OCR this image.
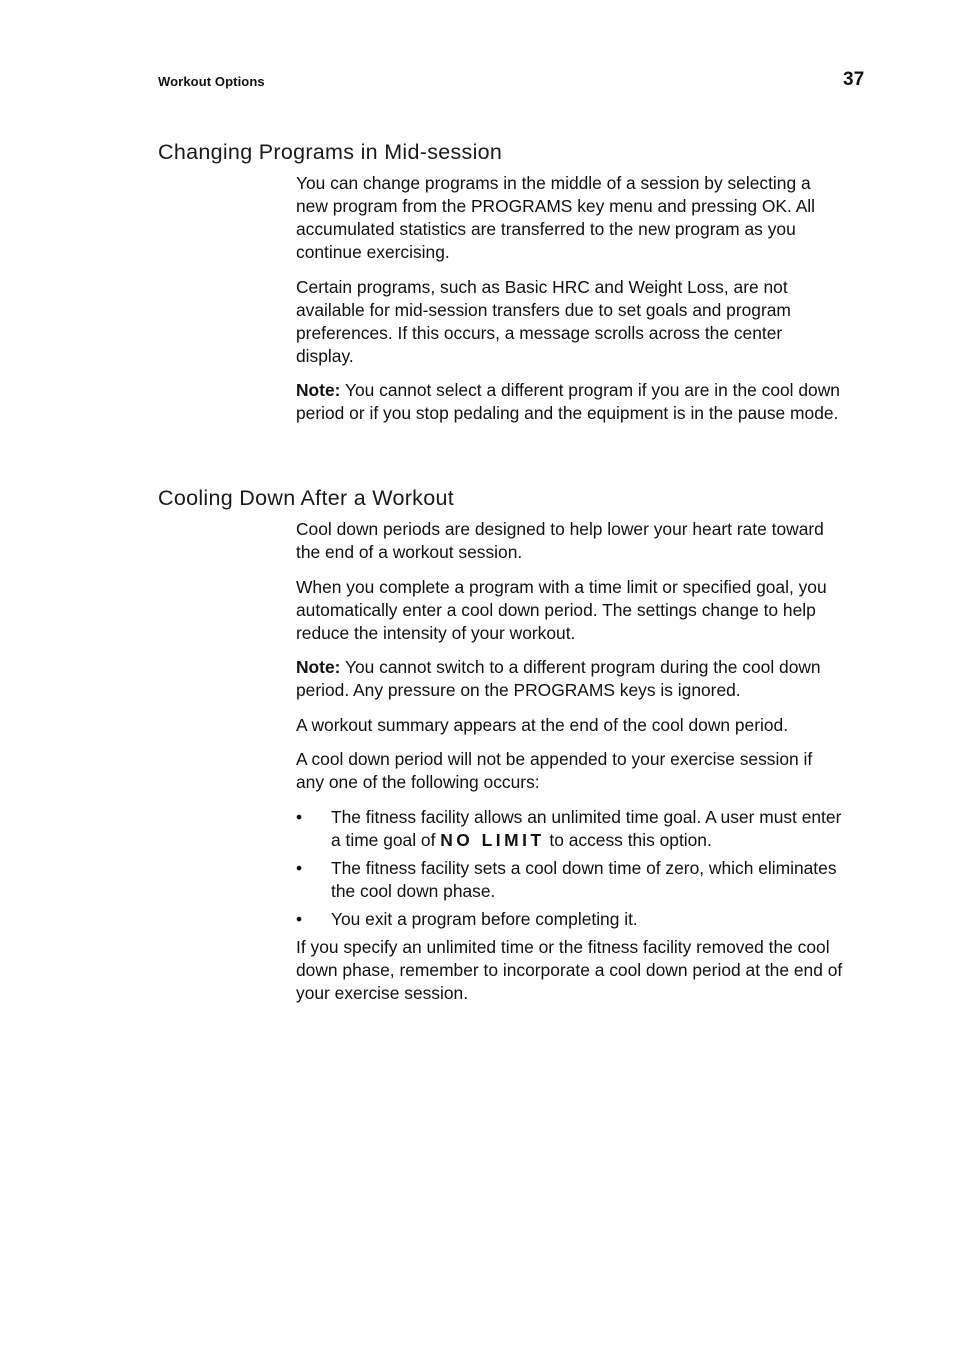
Workout Options	37
Changing Programs in Mid-session

You can change programs in the middle of a session by selecting a new program from the PROGRAMS key menu and pressing OK. All accumulated statistics are transferred to the new program as you continue exercising.

Certain programs, such as Basic HRC and Weight Loss, are not available for mid-session transfers due to set goals and program preferences. If this occurs, a message scrolls across the center display.

Note: You cannot select a different program if you are in the cool down period or if you stop pedaling and the equipment is in the pause mode.

Cooling Down After a Workout

Cool down periods are designed to help lower your heart rate toward the end of a workout session.

When you complete a program with a time limit or specified goal, you automatically enter a cool down period. The settings change to help reduce the intensity of your workout.

Note: You cannot switch to a different program during the cool down period. Any pressure on the PROGRAMS keys is ignored.

A workout summary appears at the end of the cool down period.

A cool down period will not be appended to your exercise session if any one of the following occurs:

• The fitness facility allows an unlimited time goal. A user must enter a time goal of NO LIMIT to access this option.
• The fitness facility sets a cool down time of zero, which eliminates the cool down phase.
• You exit a program before completing it.

If you specify an unlimited time or the fitness facility removed the cool down phase, remember to incorporate a cool down period at the end of your exercise session.
